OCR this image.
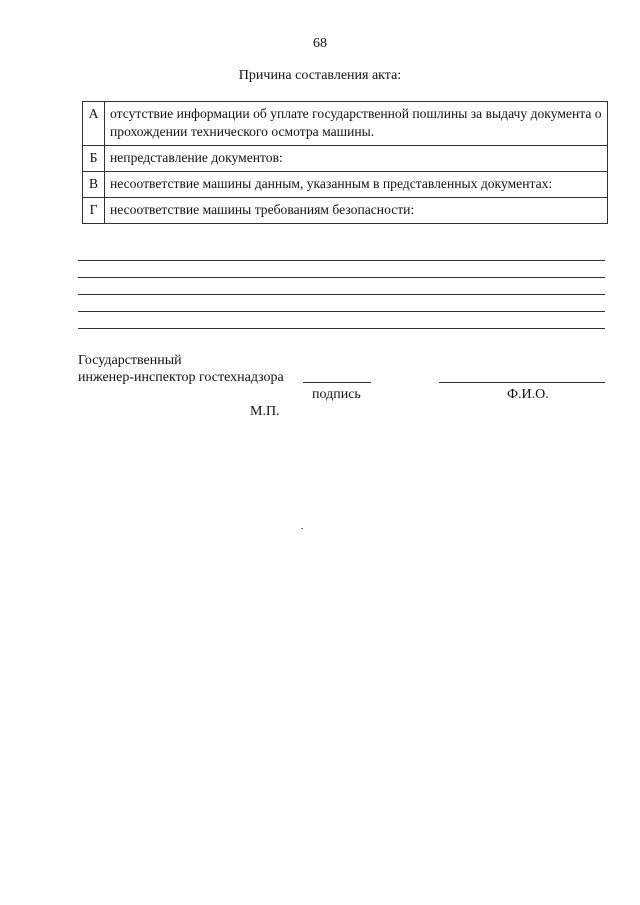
68
Причина составления акта:
А	отсутствие информации об уплате государственной пошлины за выдачу документа о прохождении технического осмотра машины.
Б	непредставление документов:
В	несоответствие машины данным, указанным в представленных документах:
Г	несоответствие машины требованиям безопасности:
Государственный
инженер-инспектор гостехнадзора
подпись	Ф.И.О.
М.П.
